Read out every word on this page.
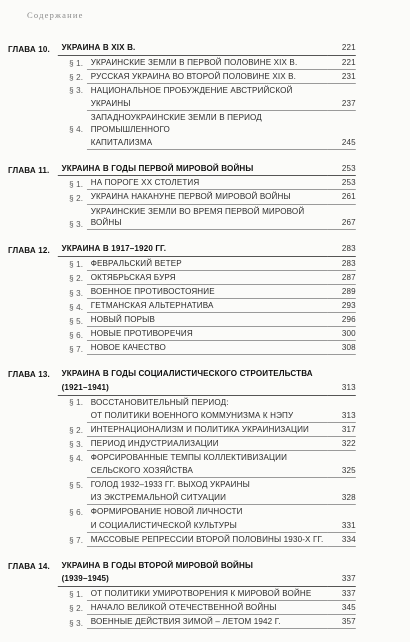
Содержание
ГЛАВА 10.	УКРАИНА В XIX В.	221
§ 1. УКРАИНСКИЕ ЗЕМЛИ В ПЕРВОЙ ПОЛОВИНЕ XIX В.	221
§ 2. РУССКАЯ УКРАИНА ВО ВТОРОЙ ПОЛОВИНЕ XIX В.	231
§ 3. НАЦИОНАЛЬНОЕ ПРОБУЖДЕНИЕ АВСТРИЙСКОЙ
УКРАИНЫ	237
§ 4.
ЗАПАДНОУКРАИНСКИЕ ЗЕМЛИ В ПЕРИОД ПРОМЫШЛЕННОГО
КАПИТАЛИЗМА	245
ГЛАВА 11.	УКРАИНА В ГОДЫ ПЕРВОЙ МИРОВОЙ ВОЙНЫ	253
§ 1. НА ПОРОГЕ XX СТОЛЕТИЯ	253
§ 2. УКРАИНА НАКАНУНЕ ПЕРВОЙ МИРОВОЙ ВОЙНЫ	261
§ 3.
УКРАИНСКИЕ ЗЕМЛИ ВО ВРЕМЯ ПЕРВОЙ МИРОВОЙ ВОЙНЫ	267
ГЛАВА 12.	УКРАИНА В 1917–1920 ГГ.	283
§ 1. ФЕВРАЛЬСКИЙ ВЕТЕР	283
§ 2. ОКТЯБРЬСКАЯ БУРЯ	287
§ 3. ВОЕННОЕ ПРОТИВОСТОЯНИЕ	289
§ 4. ГЕТМАНСКАЯ АЛЬТЕРНАТИВА	293
§ 5. НОВЫЙ ПОРЫВ	296
§ 6. НОВЫЕ ПРОТИВОРЕЧИЯ	300
§ 7. НОВОЕ КАЧЕСТВО	308
ГЛАВА 13.	УКРАИНА В ГОДЫ СОЦИАЛИСТИЧЕСКОГО СТРОИТЕЛЬСТВА
(1921–1941)	313
§ 1. ВОССТАНОВИТЕЛЬНЫЙ ПЕРИОД:
ОТ ПОЛИТИКИ ВОЕННОГО КОММУНИЗМА К НЭПУ	313
§ 2. ИНТЕРНАЦИОНАЛИЗМ И ПОЛИТИКА УКРАИНИЗАЦИИ	317
§ 3. ПЕРИОД ИНДУСТРИАЛИЗАЦИИ	322
§ 4. ФОРСИРОВАННЫЕ ТЕМПЫ КОЛЛЕКТИВИЗАЦИИ
СЕЛЬСКОГО ХОЗЯЙСТВА	325
§ 5. ГОЛОД 1932–1933 ГГ. ВЫХОД УКРАИНЫ
ИЗ ЭКСТРЕМАЛЬНОЙ СИТУАЦИИ	328
§ 6. ФОРМИРОВАНИЕ НОВОЙ ЛИЧНОСТИ
И СОЦИАЛИСТИЧЕСКОЙ КУЛЬТУРЫ	331
§ 7. МАССОВЫЕ РЕПРЕССИИ ВТОРОЙ ПОЛОВИНЫ 1930-Х ГГ.	334
ГЛАВА 14.	УКРАИНА В ГОДЫ ВТОРОЙ МИРОВОЙ ВОЙНЫ
(1939–1945)	337
§ 1. ОТ ПОЛИТИКИ УМИРОТВОРЕНИЯ К МИРОВОЙ ВОЙНЕ	337
§ 2. НАЧАЛО ВЕЛИКОЙ ОТЕЧЕСТВЕННОЙ ВОЙНЫ	345
§ 3. ВОЕННЫЕ ДЕЙСТВИЯ ЗИМОЙ – ЛЕТОМ 1942 Г.	357
